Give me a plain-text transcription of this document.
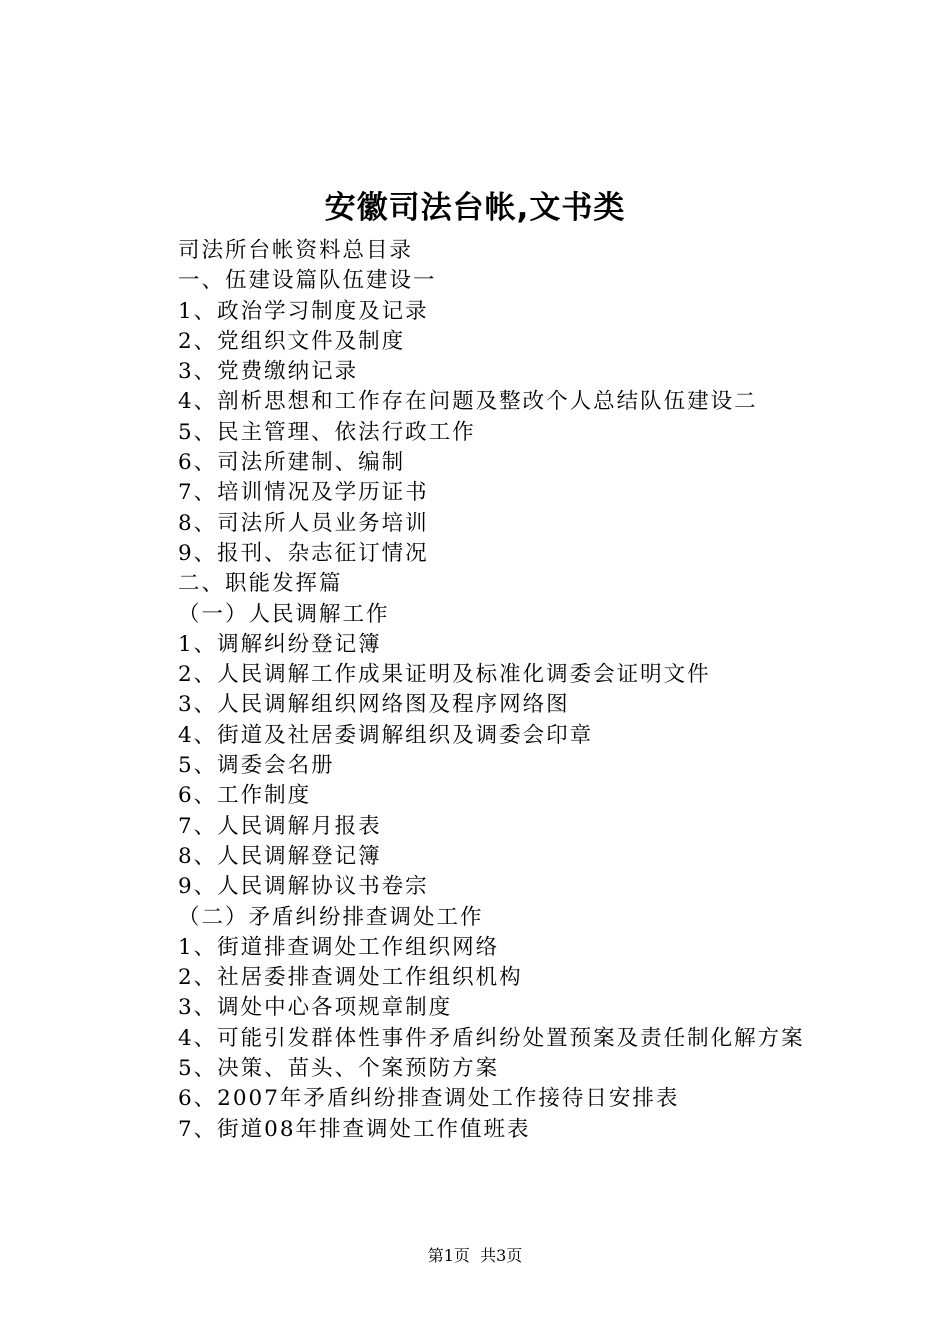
安徽司法台帐,文书类
司法所台帐资料总目录
一、伍建设篇队伍建设一
1、政治学习制度及记录
2、党组织文件及制度
3、党费缴纳记录
4、剖析思想和工作存在问题及整改个人总结队伍建设二
5、民主管理、依法行政工作
6、司法所建制、编制
7、培训情况及学历证书
8、司法所人员业务培训
9、报刊、杂志征订情况
二、职能发挥篇
（一）人民调解工作
1、调解纠纷登记簿
2、人民调解工作成果证明及标准化调委会证明文件
3、人民调解组织网络图及程序网络图
4、街道及社居委调解组织及调委会印章
5、调委会名册
6、工作制度
7、人民调解月报表
8、人民调解登记簿
9、人民调解协议书卷宗
（二）矛盾纠纷排查调处工作
1、街道排查调处工作组织网络
2、社居委排查调处工作组织机构
3、调处中心各项规章制度
4、可能引发群体性事件矛盾纠纷处置预案及责任制化解方案
5、决策、苗头、个案预防方案
6、2007年矛盾纠纷排查调处工作接待日安排表
7、街道08年排查调处工作值班表
第1页 共3页
